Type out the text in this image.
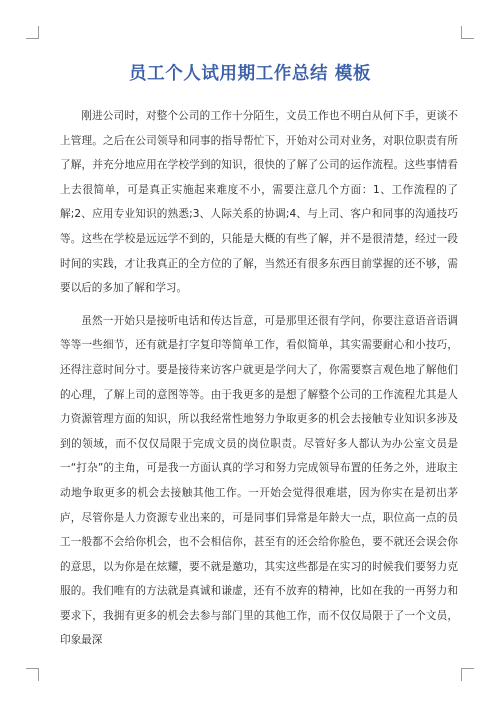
员工个人试用期工作总结 模板

刚进公司时，对整个公司的工作十分陌生，文员工作也不明白从何下手，更谈不上管理。之后在公司领导和同事的指导帮忙下，开始对公司对业务，对职位职责有所了解，并充分地应用在学校学到的知识，很快的了解了公司的运作流程。这些事情看上去很简单，可是真正实施起来难度不小，需要注意几个方面：1、工作流程的了解;2、应用专业知识的熟悉;3、人际关系的协调;4、与上司、客户和同事的沟通技巧等。这些在学校是远远学不到的，只能是大概的有些了解，并不是很清楚，经过一段时间的实践，才让我真正的全方位的了解，当然还有很多东西目前掌握的还不够，需要以后的多加了解和学习。

虽然一开始只是接听电话和传达旨意，可是那里还很有学问，你要注意语音语调等等一些细节，还有就是打字复印等简单工作，看似简单，其实需要耐心和小技巧，还得注意时间分寸。要是接待来访客户就更是学问大了，你需要察言观色地了解他们的心理，了解上司的意图等等。由于我更多的是想了解整个公司的工作流程尤其是人力资源管理方面的知识，所以我经常性地努力争取更多的机会去接触专业知识多涉及到的领域，而不仅仅局限于完成文员的岗位职责。尽管好多人都认为办公室文员是一“打杂”的主角，可是我一方面认真的学习和努力完成领导布置的任务之外，进取主动地争取更多的机会去接触其他工作。一开始会觉得很难堪，因为你实在是初出茅庐，尽管你是人力资源专业出来的，可是同事们异常是年龄大一点，职位高一点的员工一般都不会给你机会，也不会相信你，甚至有的还会给你脸色，要不就还会误会你的意思，以为你是在炫耀，要不就是邀功，其实这些都是在实习的时候我们要努力克服的。我们唯有的方法就是真诚和谦虚，还有不放弃的精神，比如在我的一再努力和要求下，我拥有更多的机会去参与部门里的其他工作，而不仅仅局限于了一个文员，印象最深
